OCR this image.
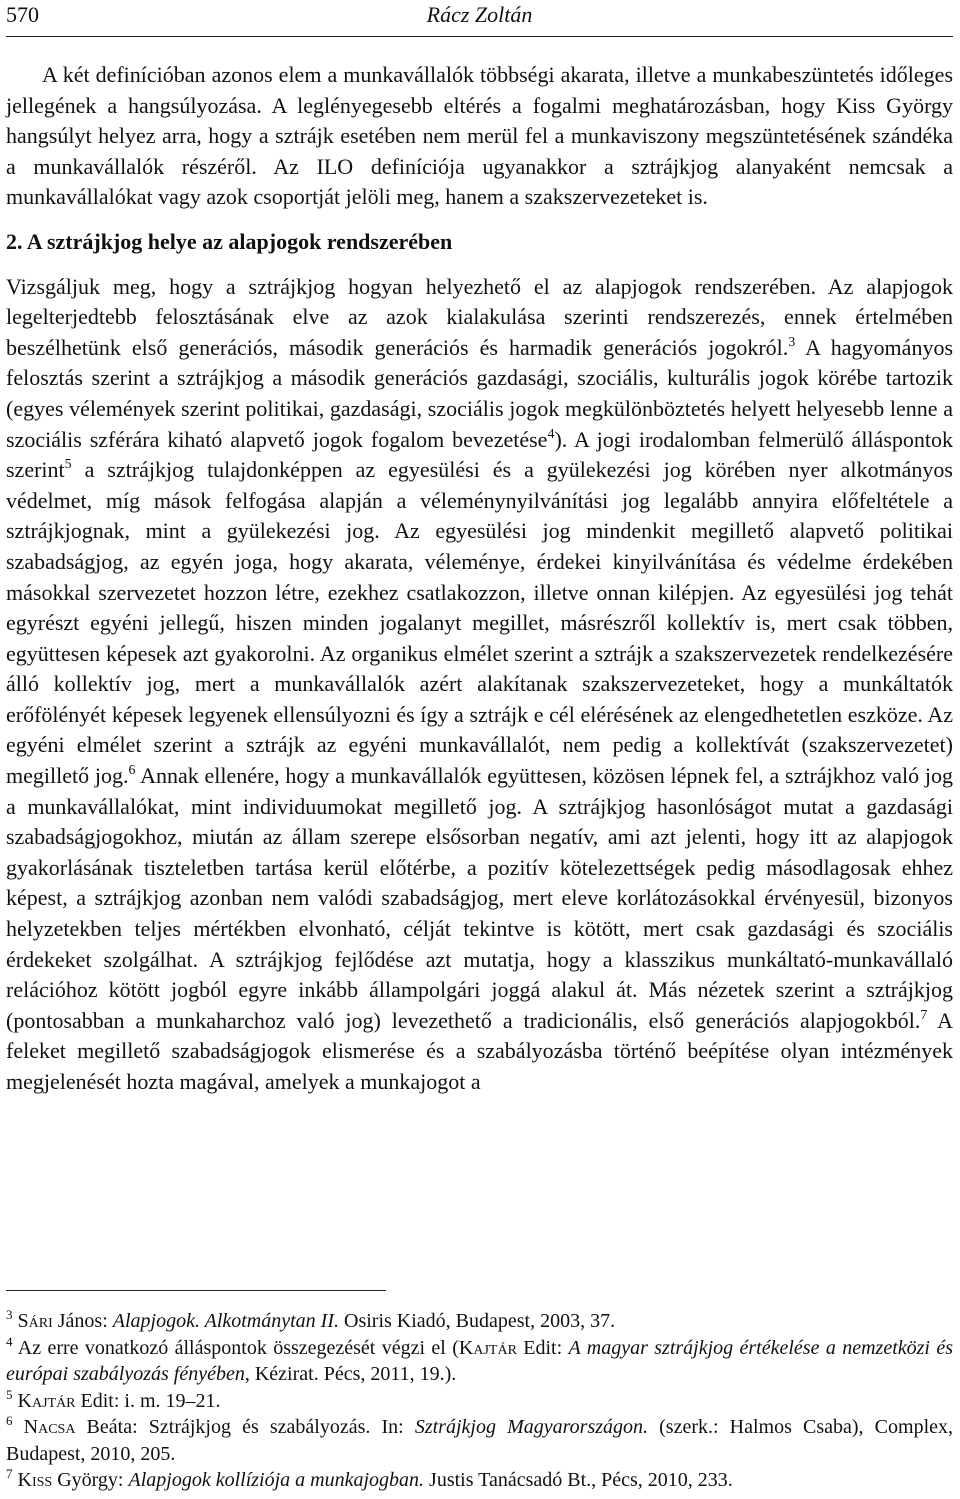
570	Rácz Zoltán

A két definícióban azonos elem a munkavállalók többségi akarata, illetve a munkabeszüntetés időleges jellegének a hangsúlyozása. A leglényegesebb eltérés a fogalmi meghatározásban, hogy Kiss György hangsúlyt helyez arra, hogy a sztrájk esetében nem merül fel a munkaviszony megszüntetésének szándéka a munkavállalók részéről. Az ILO definíciója ugyanakkor a sztrájkjog alanyaként nemcsak a munkavállalókat vagy azok csoportját jelöli meg, hanem a szakszervezeteket is.

2. A sztrájkjog helye az alapjogok rendszerében

Vizsgáljuk meg, hogy a sztrájkjog hogyan helyezhető el az alapjogok rendszerében. Az alapjogok legelterjedtebb felosztásának elve az azok kialakulása szerinti rendszerezés, ennek értelmében beszélhetünk első generációs, második generációs és harmadik generációs jogokról.$^3$ A hagyományos felosztás szerint a sztrájkjog a második generációs gazdasági, szociális, kulturális jogok körébe tartozik (egyes vélemények szerint politikai, gazdasági, szociális jogok megkülönböztetés helyett helyesebb lenne a szociális szférára kiható alapvető jogok fogalom bevezetése$^4$). A jogi irodalomban felmerülő álláspontok szerint$^5$ a sztrájkjog tulajdonképpen az egyesülési és a gyülekezési jog körében nyer alkotmányos védelmet, míg mások felfogása alapján a véleménynyilvánítási jog legalább annyira előfeltétele a sztrájkjognak, mint a gyülekezési jog. Az egyesülési jog mindenkit megillető alapvető politikai szabadságjog, az egyén joga, hogy akarata, véleménye, érdekei kinyilvánítása és védelme érdekében másokkal szervezetet hozzon létre, ezekhez csatlakozzon, illetve onnan kilépjen. Az egyesülési jog tehát egyrészt egyéni jellegű, hiszen minden jogalanyt megillet, másrészről kollektív is, mert csak többen, együttesen képesek azt gyakorolni. Az organikus elmélet szerint a sztrájk a szakszervezetek rendelkezésére álló kollektív jog, mert a munkavállalók azért alakítanak szakszervezeteket, hogy a munkáltatók erőfölényét képesek legyenek ellensúlyozni és így a sztrájk e cél elérésének az elengedhetetlen eszköze. Az egyéni elmélet szerint a sztrájk az egyéni munkavállalót, nem pedig a kollektívát (szakszervezetet) megillető jog.$^6$ Annak ellenére, hogy a munkavállalók együttesen, közösen lépnek fel, a sztrájkhoz való jog a munkavállalókat, mint individuumokat megillető jog. A sztrájkjog hasonlóságot mutat a gazdasági szabadságjogokhoz, miután az állam szerepe elsősorban negatív, ami azt jelenti, hogy itt az alapjogok gyakorlásának tiszteletben tartása kerül előtérbe, a pozitív kötelezettségek pedig másodlagosak ehhez képest, a sztrájkjog azonban nem valódi szabadságjog, mert eleve korlátozásokkal érvényesül, bizonyos helyzetekben teljes mértékben elvonható, célját tekintve is kötött, mert csak gazdasági és szociális érdekeket szolgálhat. A sztrájkjog fejlődése azt mutatja, hogy a klasszikus munkáltató-munkavállaló relációhoz kötött jogból egyre inkább állampolgári joggá alakul át. Más nézetek szerint a sztrájkjog (pontosabban a munkaharchoz való jog) levezethető a tradicionális, első generációs alapjogokból.$^7$ A feleket megillető szabadságjogok elismerése és a szabályozásba történő beépítése olyan intézmények megjelenését hozta magával, amelyek a munkajogot a

$^3$ Sári János: Alapjogok. Alkotmánytan II. Osiris Kiadó, Budapest, 2003, 37.

$^4$ Az erre vonatkozó álláspontok összegezését végzi el (Kajtár Edit: A magyar sztrájkjog értékelése a nemzetközi és európai szabályozás fényében, Kézirat. Pécs, 2011, 19.).

$^5$ Kajtár Edit: i. m. 19–21.

$^6$ Nacsa Beáta: Sztrájkjog és szabályozás. In: Sztrájkjog Magyarországon. (szerk.: Halmos Csaba), Complex, Budapest, 2010, 205.

$^7$ Kiss György: Alapjogok kollíziója a munkajogban. Justis Tanácsadó Bt., Pécs, 2010, 233.
